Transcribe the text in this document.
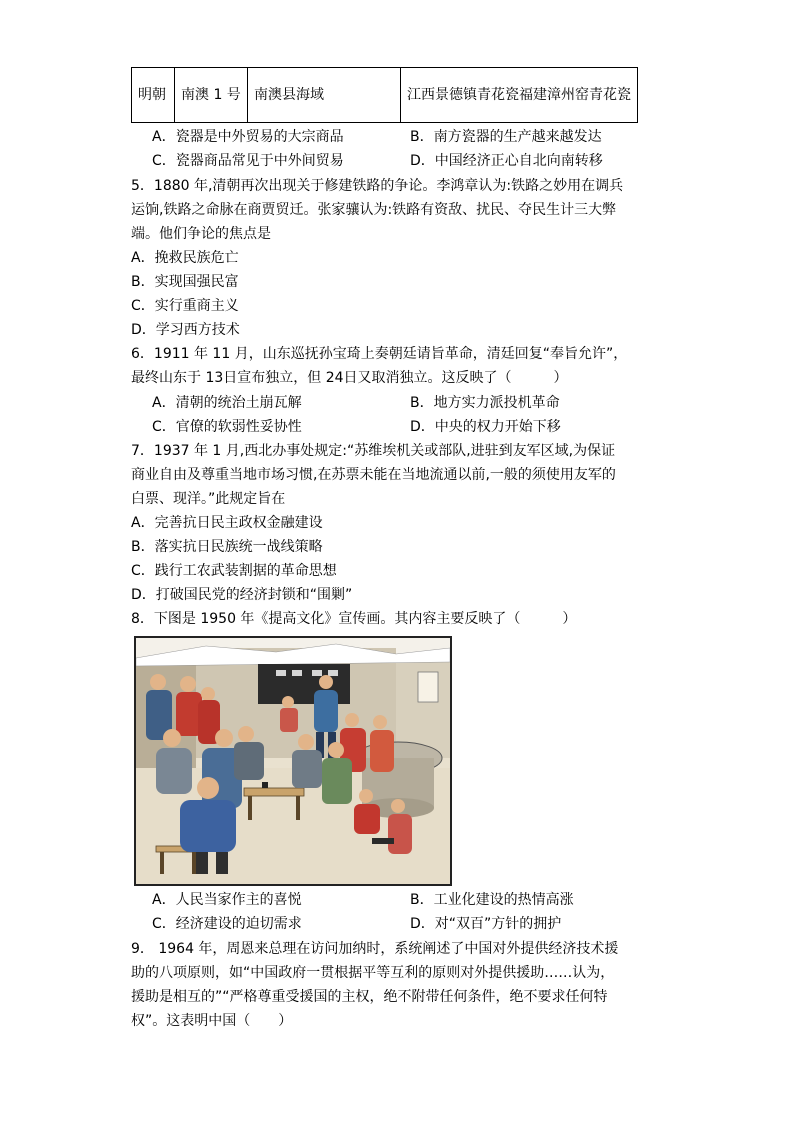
明朝	南澳 1 号	南澳县海域	江西景德镇青花瓷福建漳州窑青花瓷
A．瓷器是中外贸易的大宗商品	B．南方瓷器的生产越来越发达
C．瓷器商品常见于中外间贸易	D．中国经济正心自北向南转移
5．1880 年,清朝再次出现关于修建铁路的争论。李鸿章认为:铁路之妙用在调兵
运饷,铁路之命脉在商贾贸迁。张家骧认为:铁路有资敌、扰民、夺民生计三大弊
端。他们争论的焦点是
A．挽救民族危亡
B．实现国强民富
C．实行重商主义
D．学习西方技术
6．1911 年 11 月，山东巡抚孙宝琦上奏朝廷请旨革命，清廷回复“奉旨允许”，
最终山东于 13日宣布独立，但 24日又取消独立。这反映了（　　　）
A．清朝的统治土崩瓦解	B．地方实力派投机革命
C．官僚的软弱性妥协性	D．中央的权力开始下移
7．1937 年 1 月,西北办事处规定:“苏维埃机关或部队,进驻到友军区域,为保证
商业自由及尊重当地市场习惯,在苏票未能在当地流通以前,一般的须使用友军的
白票、现洋。”此规定旨在
A．完善抗日民主政权金融建设
B．落实抗日民族统一战线策略
C．践行工农武装割据的革命思想
D．打破国民党的经济封锁和“围剿”
8．下图是 1950 年《提高文化》宣传画。其内容主要反映了（　　　）
A．人民当家作主的喜悦	B．工业化建设的热情高涨
C．经济建设的迫切需求	D．对“双百”方针的拥护
9． 1964 年，周恩来总理在访问加纳时，系统阐述了中国对外提供经济技术援
助的八项原则，如“中国政府一贯根据平等互利的原则对外提供援助……认为，
援助是相互的”“严格尊重受援国的主权，绝不附带任何条件，绝不要求任何特
权”。这表明中国（　　）
